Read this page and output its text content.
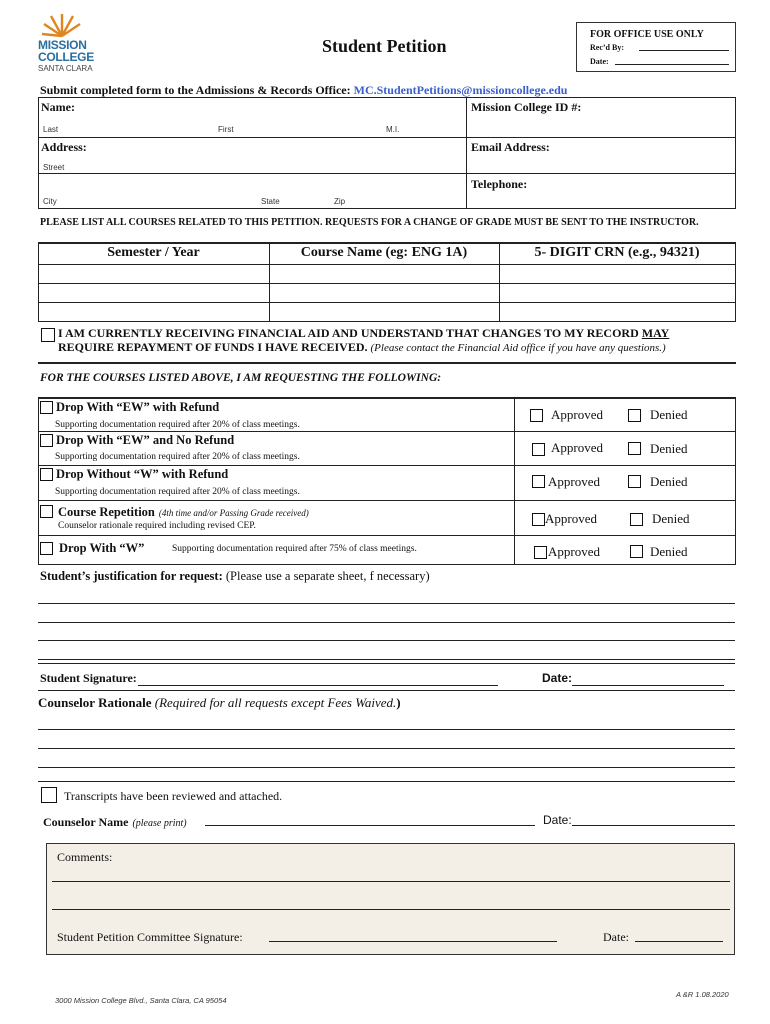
MISSION
COLLEGE
SANTA CLARA
Student Petition
FOR OFFICE USE ONLY
Rec’d By:
Date:
Submit completed form to the Admissions & Records Office: MC.StudentPetitions@missioncollege.edu
Name:
Last	First	M.I.
Mission College ID #:
Address:
Street
City	State	Zip
Email Address:
Telephone:
PLEASE LIST ALL COURSES RELATED TO THIS PETITION. REQUESTS FOR A CHANGE OF GRADE MUST BE SENT TO THE INSTRUCTOR.
Semester / Year	Course Name (eg: ENG 1A)	5- DIGIT CRN (e.g., 94321)
I AM CURRENTLY RECEIVING FINANCIAL AID AND UNDERSTAND THAT CHANGES TO MY RECORD MAY
REQUIRE REPAYMENT OF FUNDS I HAVE RECEIVED. (Please contact the Financial Aid office if you have any questions.)
FOR THE COURSES LISTED ABOVE, I AM REQUESTING THE FOLLOWING:
Drop With “EW” with Refund
Supporting documentation required after 20% of class meetings.
Approved	Denied
Drop With “EW” and No Refund
Supporting documentation required after 20% of class meetings.
Approved	Denied
Drop Without “W” with Refund
Supporting documentation required after 20% of class meetings.
Approved	Denied
Course Repetition (4th time and/or Passing Grade received)
Counselor rationale required including revised CEP.	Approved	Denied
Drop With “W”	Supporting documentation required after 75% of class meetings.	Approved	Denied
Student’s justification for request: (Please use a separate sheet, f necessary)
Student Signature:	Date:
Counselor Rationale (Required for all requests except Fees Waived.)
Transcripts have been reviewed and attached.
Counselor Name (please print)	Date:
Comments:
Student Petition Committee Signature:	Date:
3000 Mission College Blvd., Santa Clara, CA 95054
A &R 1.08.2020
